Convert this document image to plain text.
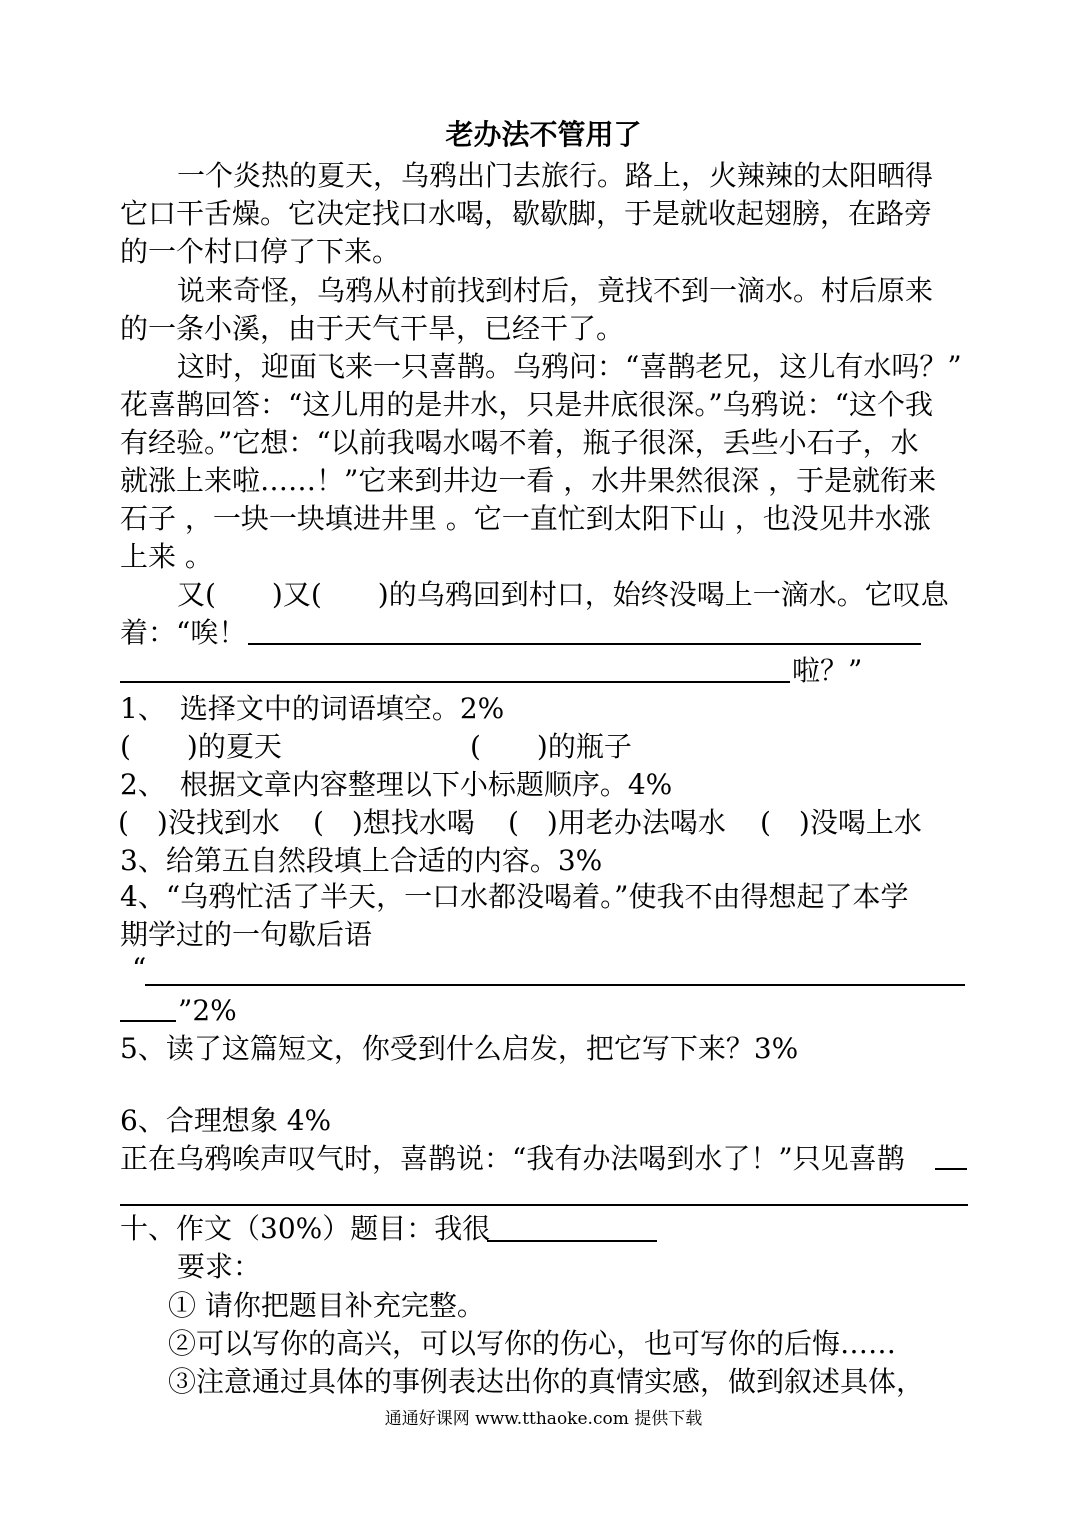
老办法不管用了
一个炎热的夏天，乌鸦出门去旅行。路上，火辣辣的太阳晒得
它口干舌燥。它决定找口水喝，歇歇脚，于是就收起翅膀，在路旁
的一个村口停了下来。
说来奇怪，乌鸦从村前找到村后，竟找不到一滴水。村后原来
的一条小溪，由于天气干旱，已经干了。
这时，迎面飞来一只喜鹊。乌鸦问：“喜鹊老兄，这儿有水吗？”
花喜鹊回答：“这儿用的是井水，只是井底很深。”乌鸦说：“这个我
有经验。”它想：“以前我喝水喝不着，瓶子很深，丢些小石子，水
就涨上来啦……！”它来到井边一看 ，水井果然很深 ，于是就衔来
石子 ，一块一块填进井里 。它一直忙到太阳下山 ，也没见井水涨
上来 。
又(　　)又(　　)的乌鸦回到村口，始终没喝上一滴水。它叹息
着：“唉！
啦？”
1、　选择文中的词语填空。2%
(　　)的夏天	(　　)的瓶子
2、　根据文章内容整理以下小标题顺序。4%
(　)没找到水 (　)想找水喝 (　)用老办法喝水 (　)没喝上水
3、给第五自然段填上合适的内容。3%
4、“乌鸦忙活了半天，一口水都没喝着。”使我不由得想起了本学
期学过的一句歇后语
“
”2%
5、读了这篇短文，你受到什么启发，把它写下来？3%
6、合理想象 4%
正在乌鸦唉声叹气时，喜鹊说：“我有办法喝到水了！”只见喜鹊
十、作文（30%）题目：我很
要求：
① 请你把题目补充完整。
②可以写你的高兴，可以写你的伤心，也可写你的后悔……
③注意通过具体的事例表达出你的真情实感，做到叙述具体，
通通好课网 www.tthaoke.com 提供下载
